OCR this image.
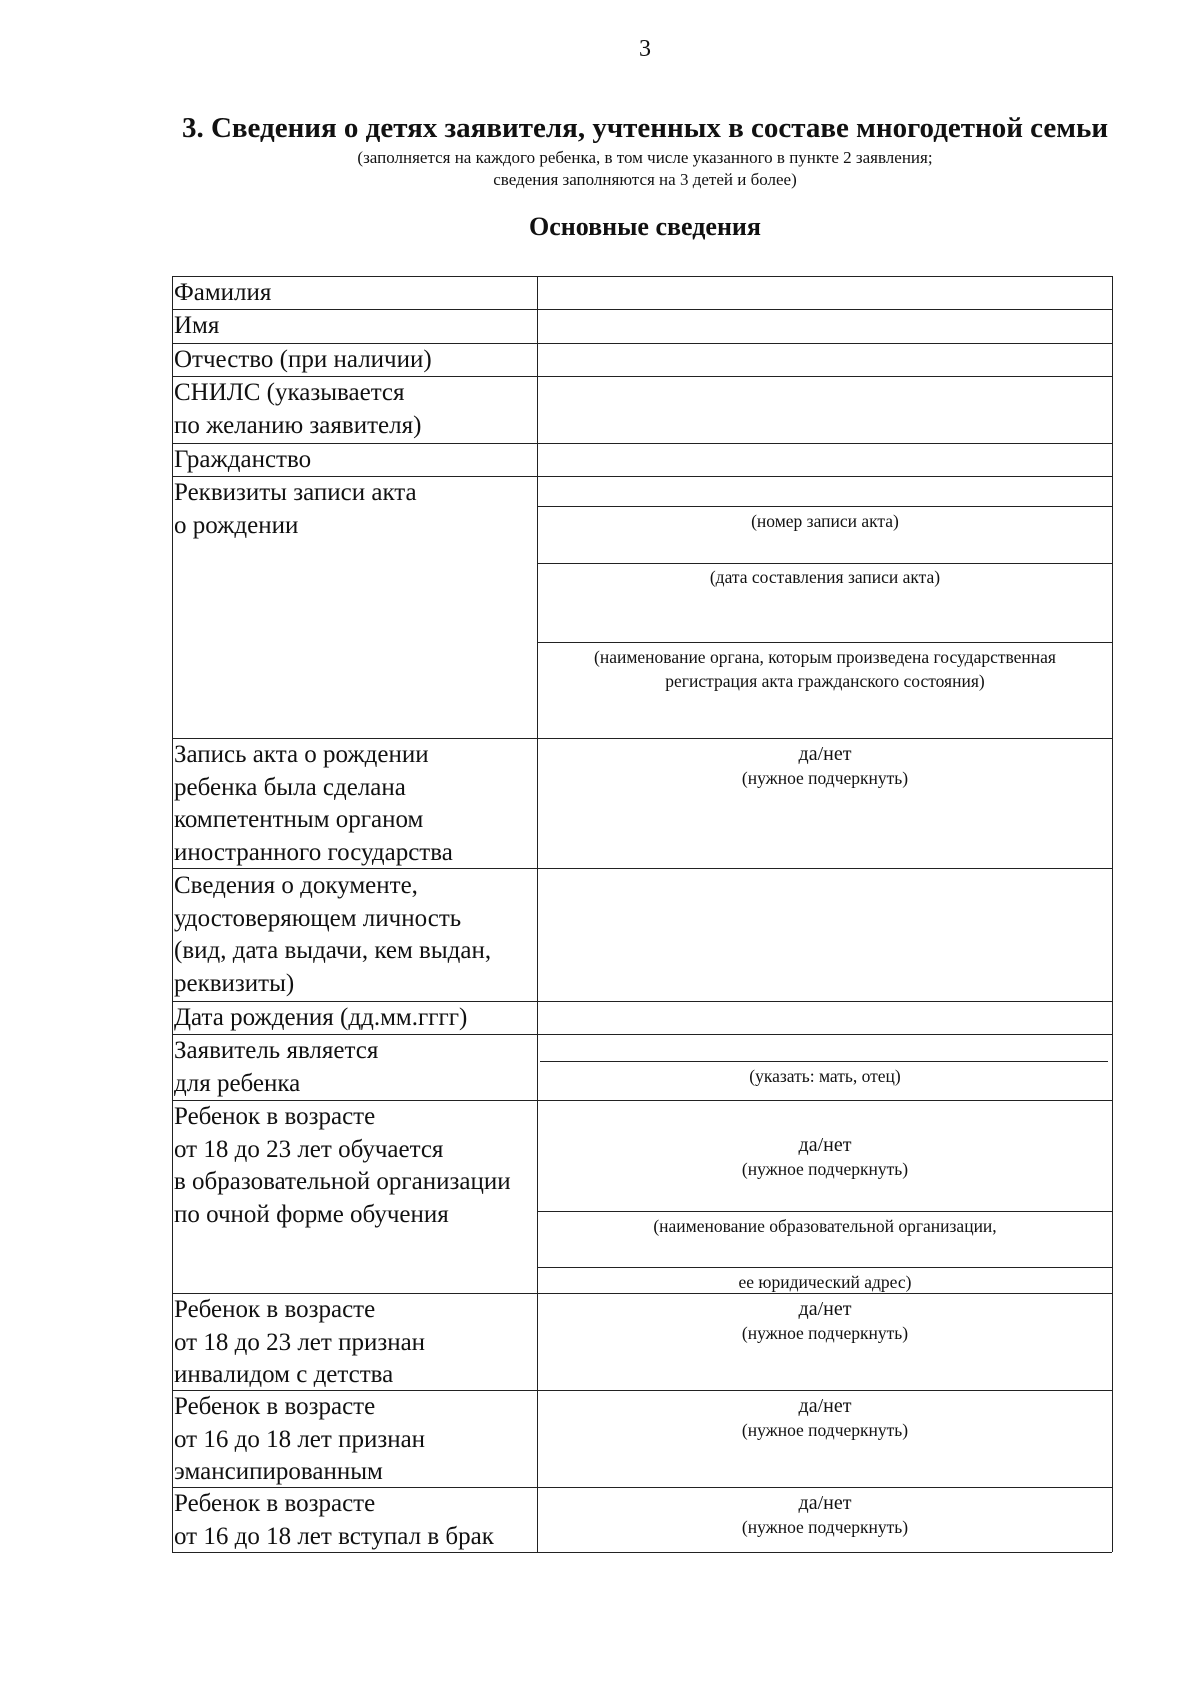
3
3. Сведения о детях заявителя, учтенных в составе многодетной семьи
(заполняется на каждого ребенка, в том числе указанного в пункте 2 заявления;
сведения заполняются на 3 детей и более)
Основные сведения
Фамилия
Имя
Отчество (при наличии)
СНИЛС (указывается
по желанию заявителя)
Гражданство
Реквизиты записи акта
о рождении
Запись акта о рождении
ребенка была сделана
компетентным органом
иностранного государства
Сведения о документе,
удостоверяющем личность
(вид, дата выдачи, кем выдан,
реквизиты)
Дата рождения (дд.мм.гггг)
Заявитель является
для ребенка
Ребенок в возрасте
от 18 до 23 лет обучается
в образовательной организации
по очной форме обучения
Ребенок в возрасте
от 18 до 23 лет признан
инвалидом с детства
Ребенок в возрасте
от 16 до 18 лет признан
эмансипированным
Ребенок в возрасте
от 16 до 18 лет вступал в брак
(номер записи акта)
(дата составления записи акта)
(наименование органа, которым произведена государственная
регистрация акта гражданского состояния)
да/нет
(нужное подчеркнуть)
(указать: мать, отец)
да/нет
(нужное подчеркнуть)
(наименование образовательной организации,
ее юридический адрес)
да/нет
(нужное подчеркнуть)
да/нет
(нужное подчеркнуть)
да/нет
(нужное подчеркнуть)
